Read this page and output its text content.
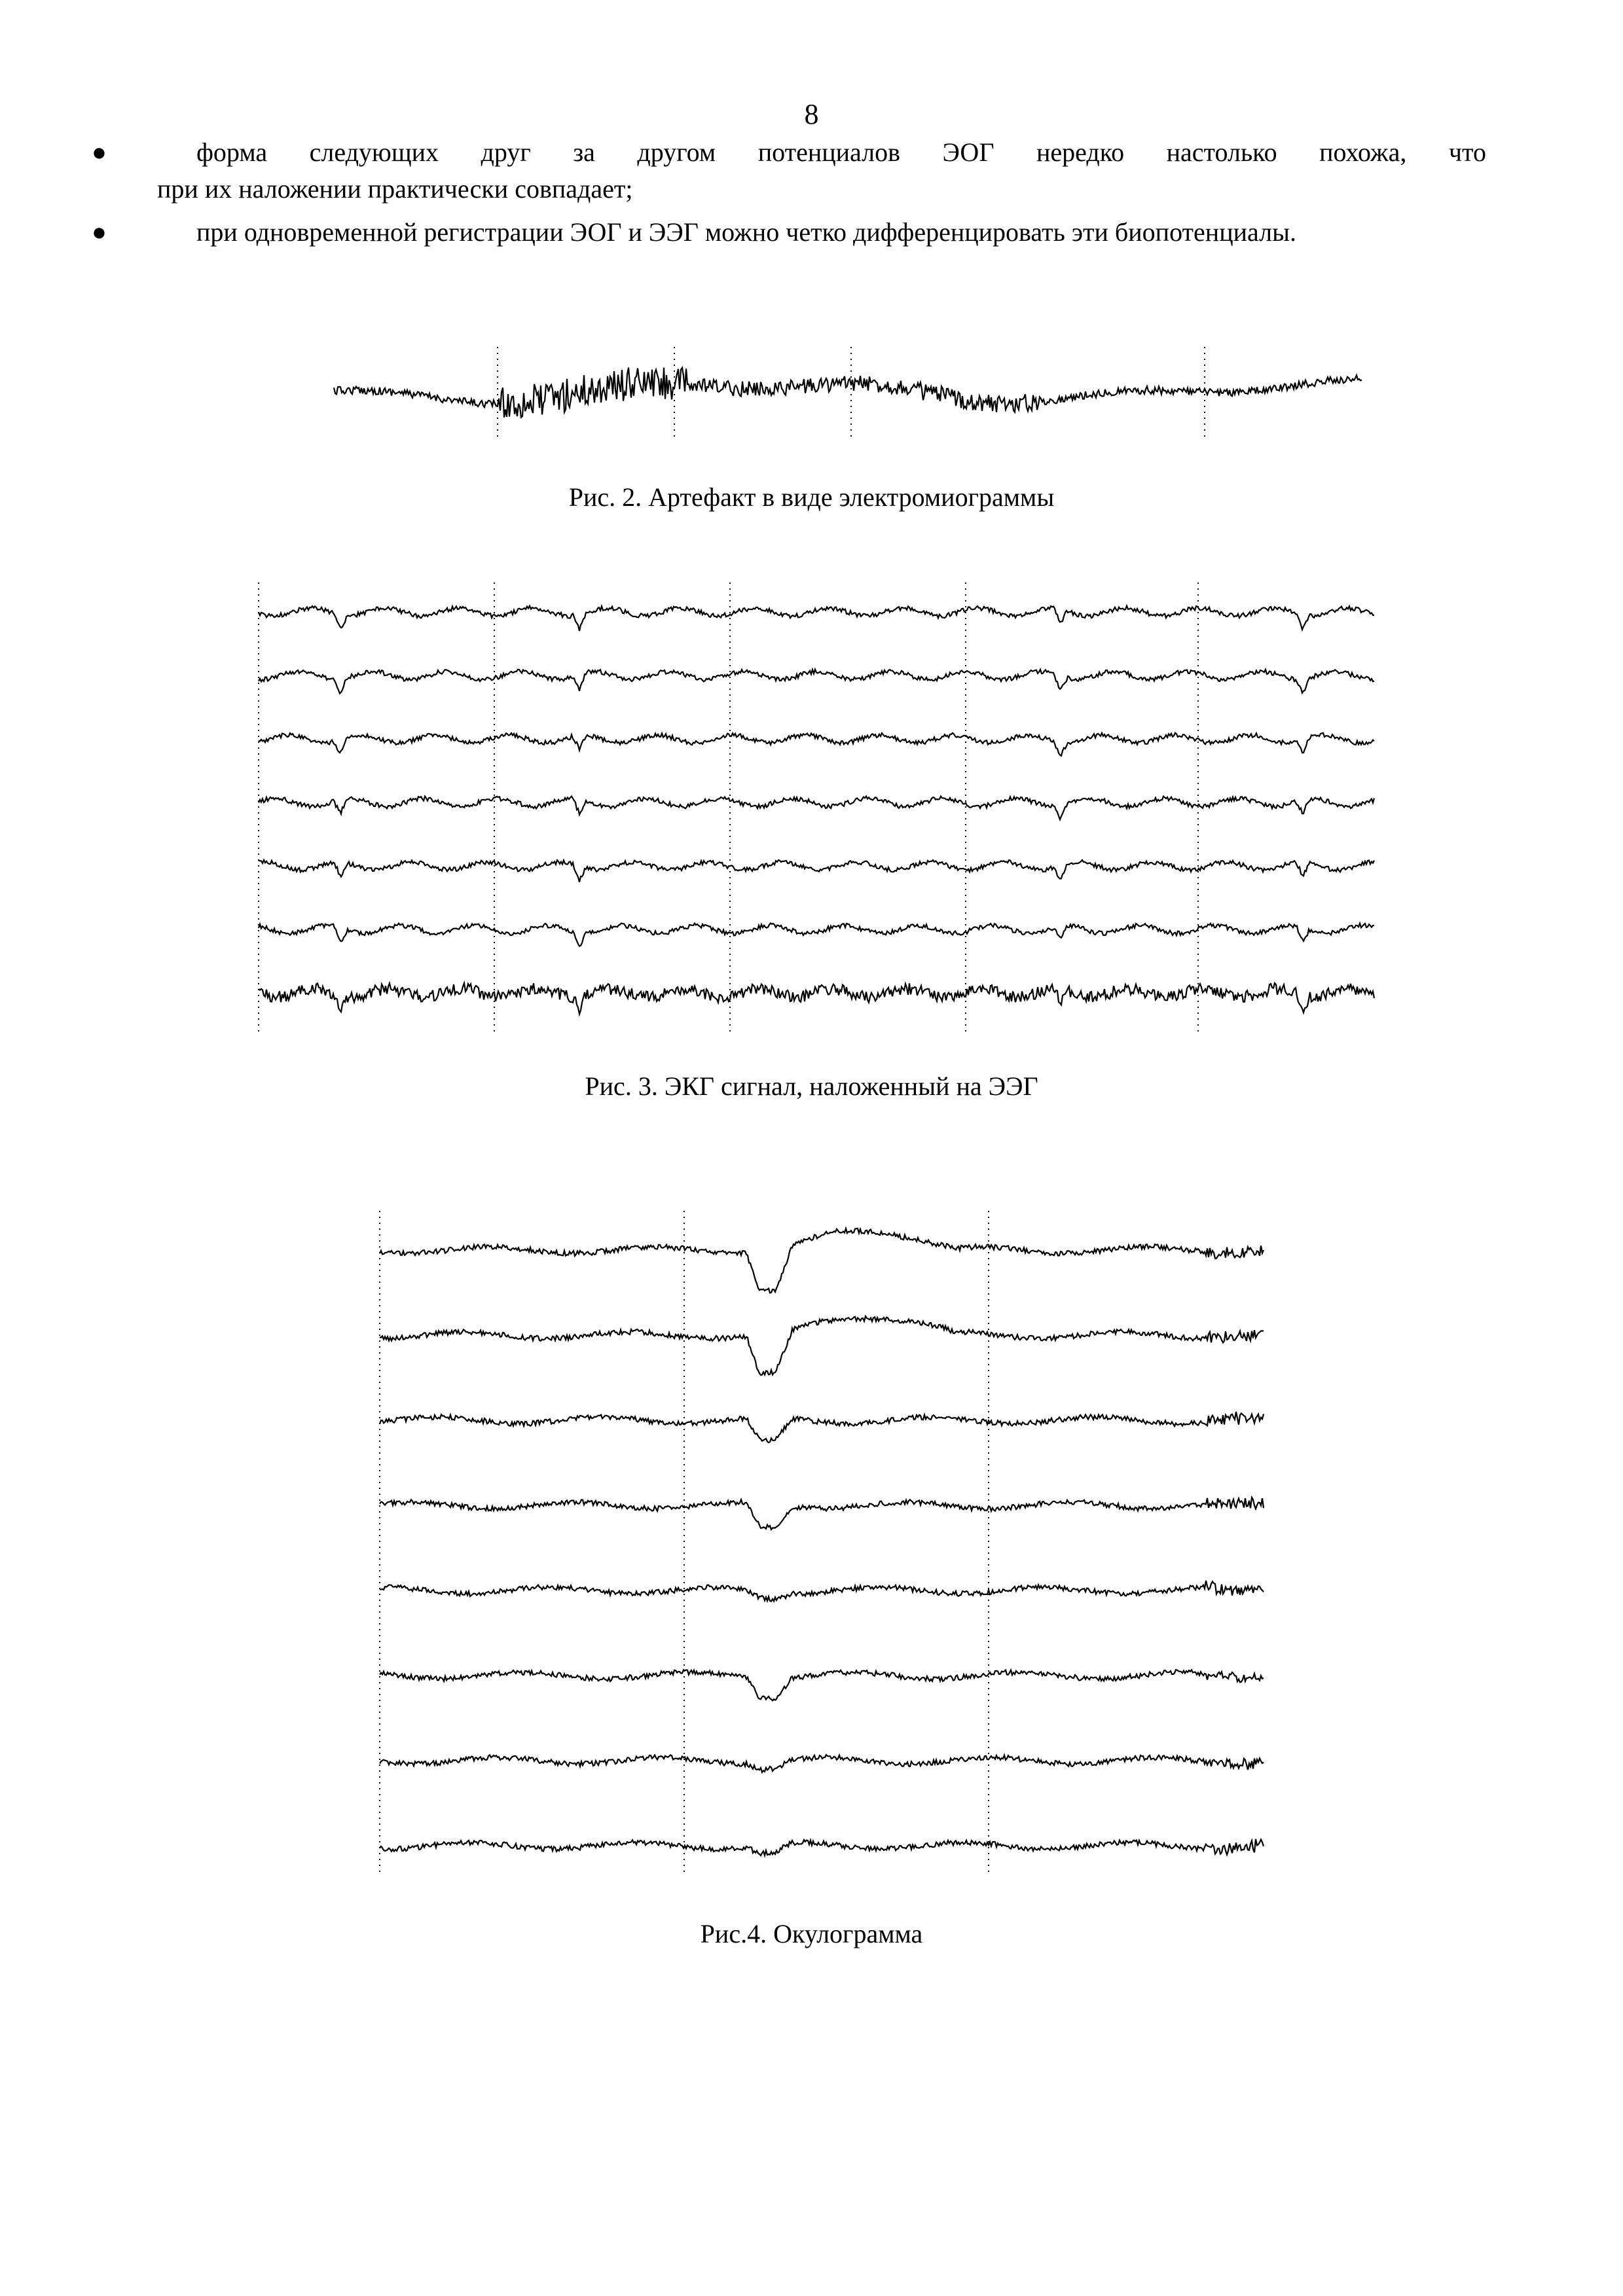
8
●	форма следующих друг за другом потенциалов ЭОГ нередко настолько похожа, что
при их наложении практически совпадает;
●	при одновременной регистрации ЭОГ и ЭЭГ можно четко дифференцировать эти биопотенциалы.
Рис. 2. Артефакт в виде электромиограммы
Рис. 3. ЭКГ сигнал, наложенный на ЭЭГ
Рис.4. Окулограмма
